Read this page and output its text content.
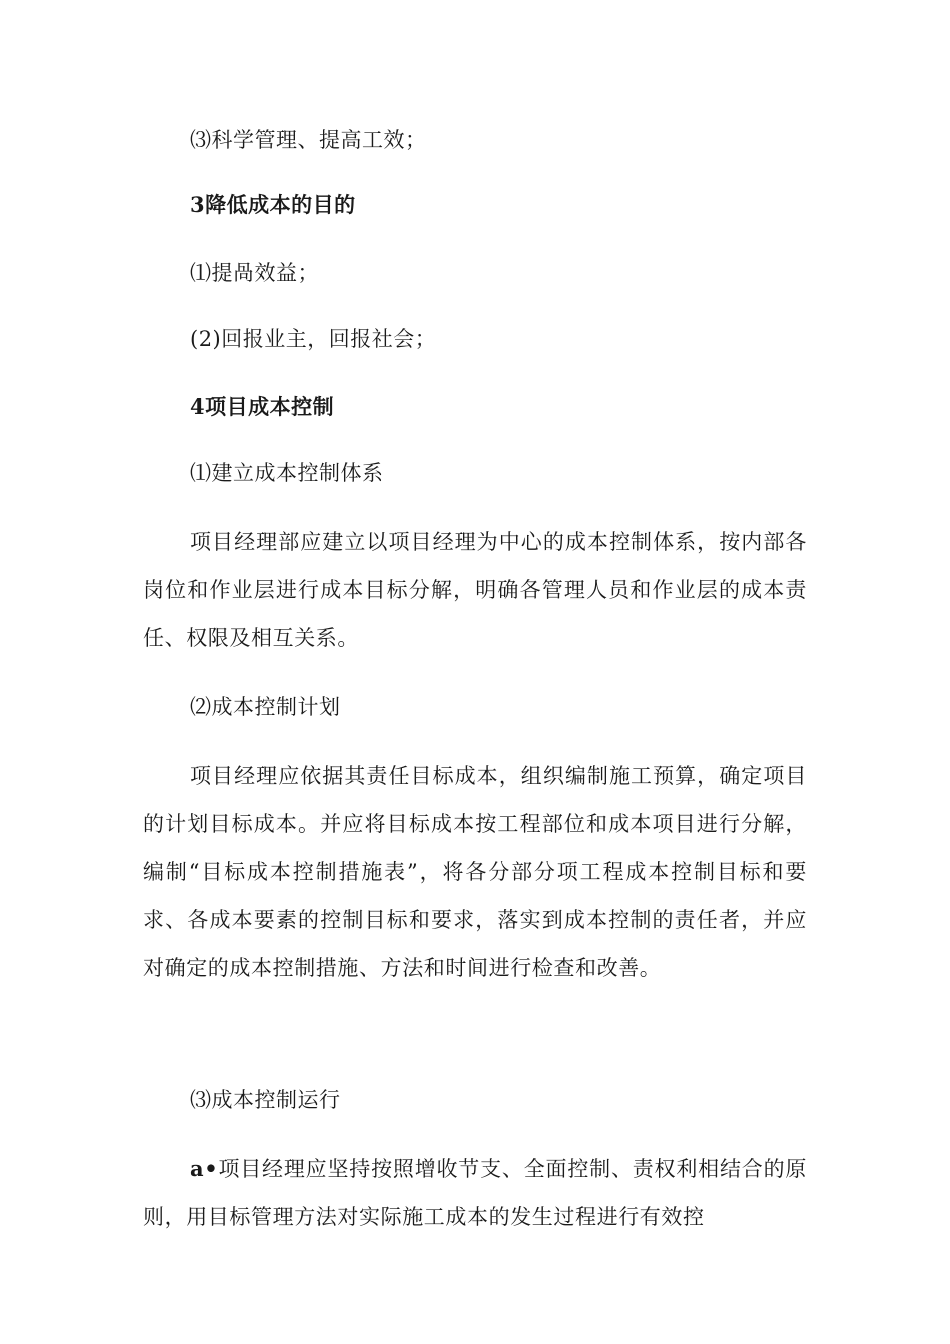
⑶科学管理、提高工效；
3降低成本的目的
⑴提咼效益；
(2)回报业主，回报社会；
4项目成本控制
⑴建立成本控制体系
项目经理部应建立以项目经理为中心的成本控制体系，按内部各岗位和作业层进行成本目标分解，明确各管理人员和作业层的成本责任、权限及相互关系。
⑵成本控制计划
项目经理应依据其责任目标成本，组织编制施工预算，确定项目的计划目标成本。并应将目标成本按工程部位和成本项目进行分解，编制“目标成本控制措施表”，将各分部分项工程成本控制目标和要求、各成本要素的控制目标和要求，落实到成本控制的责任者，并应对确定的成本控制措施、方法和时间进行检查和改善。
⑶成本控制运行
a•项目经理应坚持按照增收节支、全面控制、责权利相结合的原则，用目标管理方法对实际施工成本的发生过程进行有效控
